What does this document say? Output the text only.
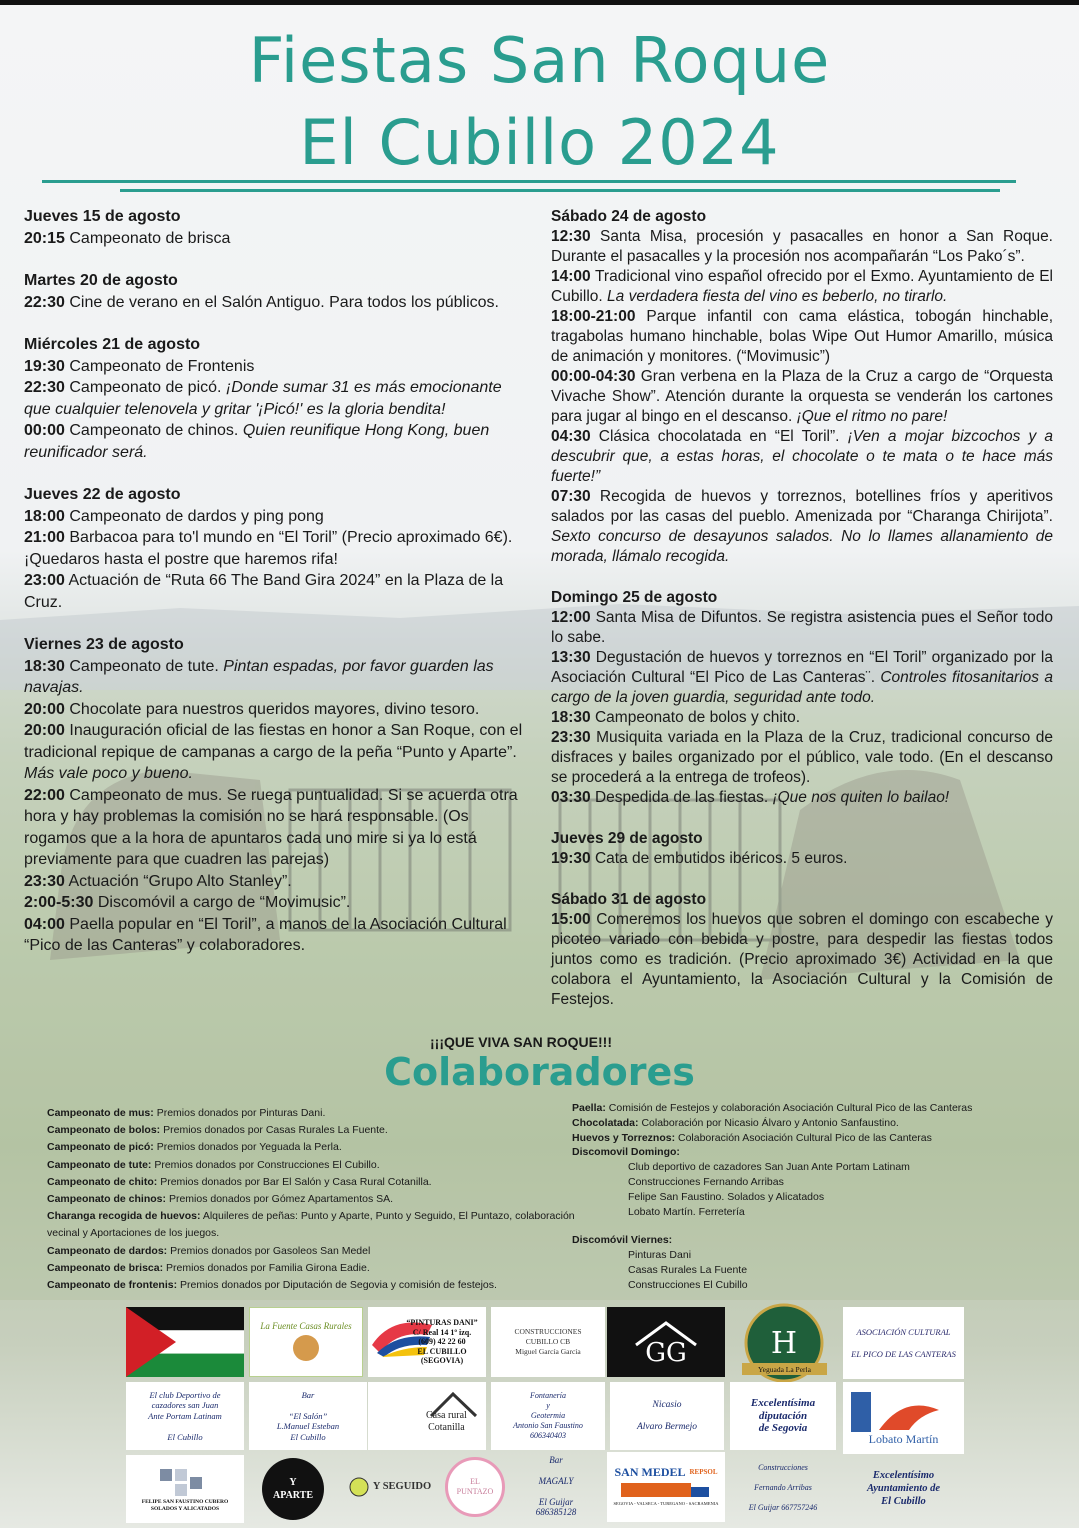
Fiestas San Roque
El Cubillo 2024
Jueves 15 de agosto
20:15 Campeonato de brisca
Martes 20 de agosto
22:30 Cine de verano en el Salón Antiguo. Para todos los públicos.
Miércoles 21 de agosto
19:30 Campeonato de Frontenis
22:30 Campeonato de picó. ¡Donde sumar 31 es más emocionante que cualquier telenovela y gritar '¡Picó!' es la gloria bendita!
00:00 Campeonato de chinos. Quien reunifique Hong Kong, buen reunificador será.
Jueves 22 de agosto
18:00 Campeonato de dardos y ping pong
21:00 Barbacoa para to'l mundo en “El Toril” (Precio aproximado 6€). ¡Quedaros hasta el postre que haremos rifa!
23:00 Actuación de “Ruta 66 The Band Gira 2024” en la Plaza de la Cruz.
Viernes 23 de agosto
18:30 Campeonato de tute. Pintan espadas, por favor guarden las navajas.
20:00 Chocolate para nuestros queridos mayores, divino tesoro.
20:00 Inauguración oficial de las fiestas en honor a San Roque, con el tradicional repique de campanas a cargo de la peña “Punto y Aparte”. Más vale poco y bueno.
22:00 Campeonato de mus. Se ruega puntualidad. Si se acuerda otra hora y hay problemas la comisión no se hará responsable. (Os rogamos que a la hora de apuntaros cada uno mire si ya lo está previamente para que cuadren las parejas)
23:30 Actuación “Grupo Alto Stanley”.
2:00-5:30 Discomóvil a cargo de “Movimusic”.
04:00 Paella popular en “El Toril”, a manos de la Asociación Cultural “Pico de las Canteras” y colaboradores.
Sábado 24 de agosto
12:30 Santa Misa, procesión y pasacalles en honor a San Roque. Durante el pasacalles y la procesión nos acompañarán “Los Pako´s”.
14:00 Tradicional vino español ofrecido por el Exmo. Ayuntamiento de El Cubillo. La verdadera fiesta del vino es beberlo, no tirarlo.
18:00-21:00 Parque infantil con cama elástica, tobogán hinchable, tragabolas humano hinchable, bolas Wipe Out Humor Amarillo, música de animación y monitores. (“Movimusic”)
00:00-04:30 Gran verbena en la Plaza de la Cruz a cargo de “Orquesta Vivache Show”. Atención durante la orquesta se venderán los cartones para jugar al bingo en el descanso. ¡Que el ritmo no pare!
04:30 Clásica chocolatada en “El Toril”. ¡Ven a mojar bizcochos y a descubrir que, a estas horas, el chocolate o te mata o te hace más fuerte!”
07:30 Recogida de huevos y torreznos, botellines fríos y aperitivos salados por las casas del pueblo. Amenizada por “Charanga Chirijota”. Sexto concurso de desayunos salados. No lo llames allanamiento de morada, llámalo recogida.
Domingo 25 de agosto
12:00 Santa Misa de Difuntos. Se registra asistencia pues el Señor todo lo sabe.
13:30 Degustación de huevos y torreznos en “El Toril” organizado por la Asociación Cultural “El Pico de Las Canteras¨. Controles fitosanitarios a cargo de la joven guardia, seguridad ante todo.
18:30 Campeonato de bolos y chito.
23:30 Musiquita variada en la Plaza de la Cruz, tradicional concurso de disfraces y bailes organizado por el público, vale todo. (En el descanso se procederá a la entrega de trofeos).
03:30 Despedida de las fiestas. ¡Que nos quiten lo bailao!
Jueves 29 de agosto
19:30 Cata de embutidos ibéricos. 5 euros.
Sábado 31 de agosto
15:00 Comeremos los huevos que sobren el domingo con escabeche y picoteo variado con bebida y postre, para despedir las fiestas todos juntos como es tradición. (Precio aproximado 3€) Actividad en la que colabora el Ayuntamiento, la Asociación Cultural y la Comisión de Festejos.
¡¡¡QUE VIVA SAN ROQUE!!!
Colaboradores
Campeonato de mus: Premios donados por Pinturas Dani.
Campeonato de bolos: Premios donados por Casas Rurales La Fuente.
Campeonato de picó: Premios donados por Yeguada la Perla.
Campeonato de tute: Premios donados por Construcciones El Cubillo.
Campeonato de chito: Premios donados por Bar El Salón y Casa Rural Cotanilla.
Campeonato de chinos: Premios donados por Gómez Apartamentos SA.
Charanga recogida de huevos: Alquileres de peñas: Punto y Aparte, Punto y Seguido, El Puntazo, colaboración vecinal y Aportaciones de los juegos.
Campeonato de dardos: Premios donados por Gasoleos San Medel
Campeonato de brisca: Premios donados por Familia Girona Eadie.
Campeonato de frontenis: Premios donados por Diputación de Segovia y comisión de festejos.
Paella: Comisión de Festejos y colaboración Asociación Cultural Pico de las Canteras
Chocolatada: Colaboración por Nicasio Álvaro y Antonio Sanfaustino.
Huevos y Torreznos: Colaboración Asociación Cultural Pico de las Canteras
Discomovil Domingo:
Club deportivo de cazadores San Juan Ante Portam Latinam
Construcciones Fernando Arribas
Felipe San Faustino. Solados y Alicatados
Lobato Martín. Ferretería
Discomóvil Viernes:
Pinturas Dani
Casas Rurales La Fuente
Construcciones El Cubillo
La Fuente Casas Rurales	“PINTURAS DANI”
C/ Real 14 1º izq.
(609) 42 22 60
EL CUBILLO (SEGOVIA)
CONSTRUCCIONES
CUBILLO CB
Miguel García García GG	H
Yeguada La Perla
ASOCIACIÓN CULTURAL
EL PICO DE LAS CANTERAS
El club Deportivo de
cazadores san Juan
Ante Portam Latinam

El Cubillo
Bar

“El Salón”
L.Manuel Esteban
El Cubillo
Casa rural
Cotanilla
Fontanería
y
Geotermia
Antonio San Faustino
606340403
Nicasio

Alvaro Bermejo
Excelentísima
diputación
de Segovia
Lobato Martín
FELIPE SAN FAUSTINO CUBERO
SOLADOS Y ALICATADOS
Y
APARTE
Y SEGUIDO	EL
PUNTAZO
Bar

MAGALY

El Guijar
686385128
SAN MEDEL REPSOL
SEGOVIA - VALSECA - TUREGANO - SACRAMENIA
Construcciones

Fernando Arribas

El Guijar 667757246
Excelentísimo
Ayuntamiento de
El Cubillo
